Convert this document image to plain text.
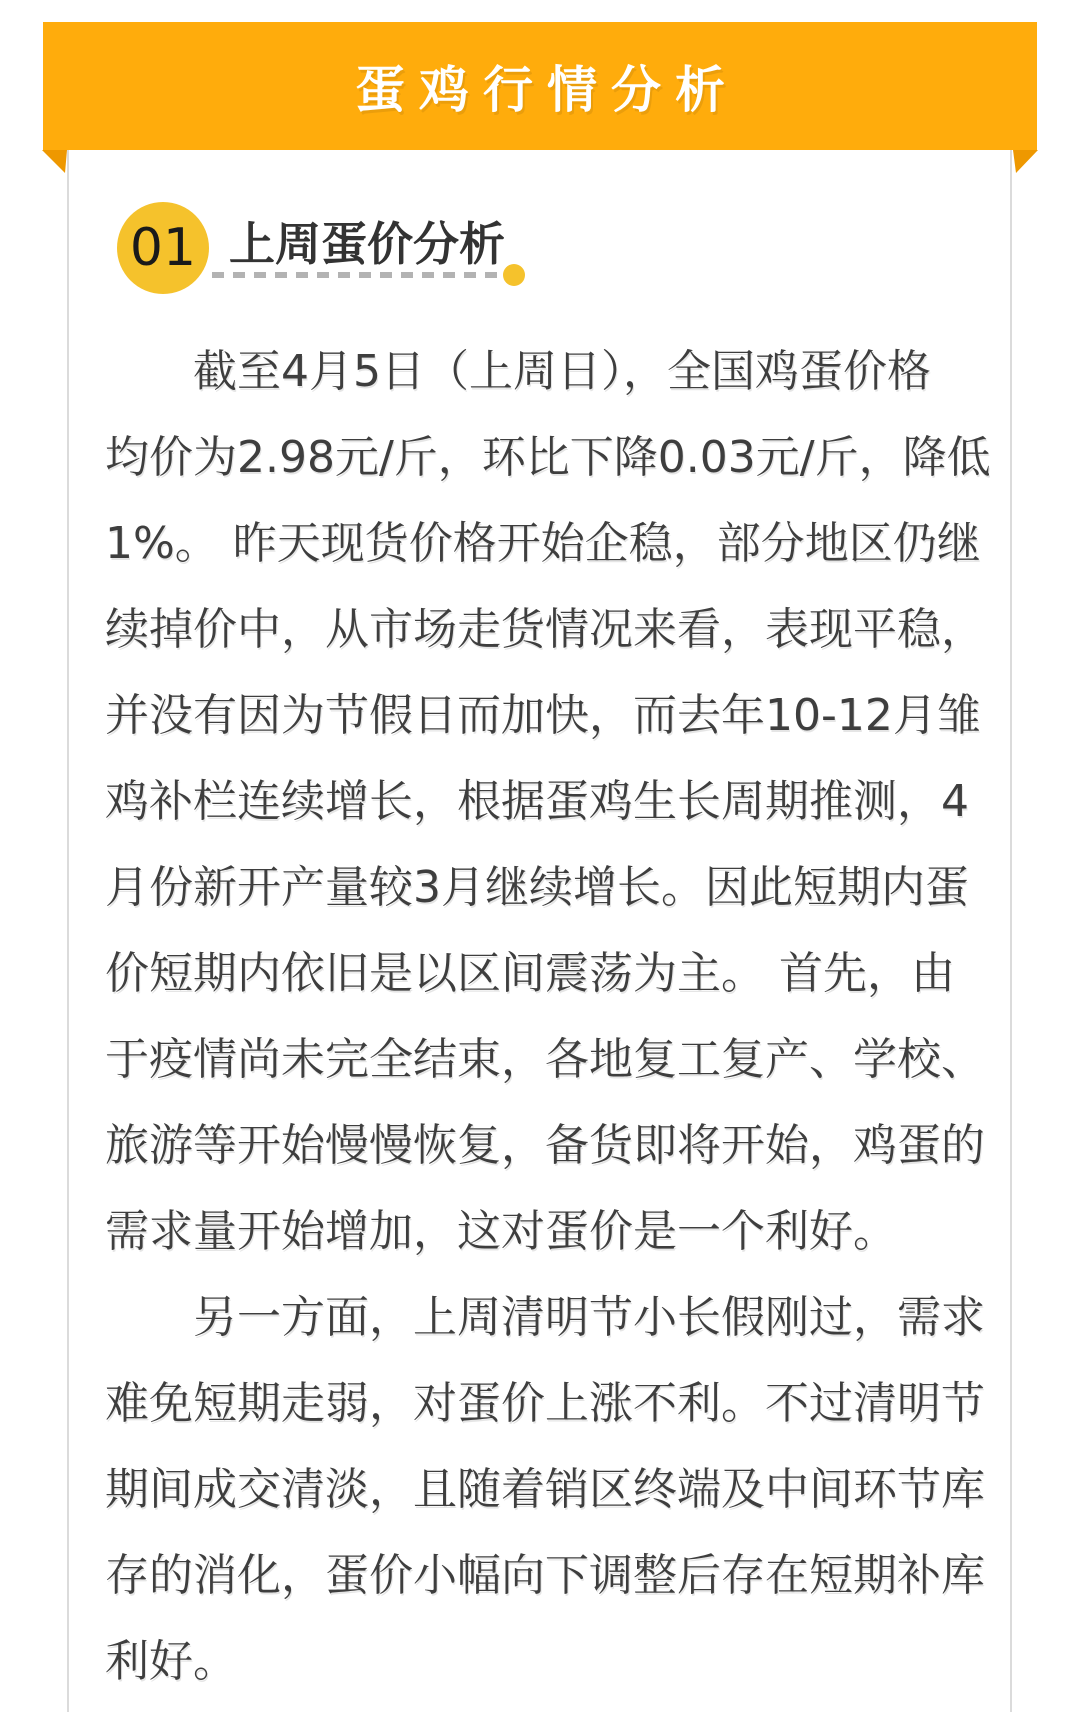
蛋鸡行情分析
01 上周蛋价分析
截至4月5日（上周日），全国鸡蛋价格
均价为2.98元/斤，环比下降0.03元/斤，降低
1%。 昨天现货价格开始企稳，部分地区仍继
续掉价中，从市场走货情况来看，表现平稳，
并没有因为节假日而加快，而去年10-12月雏
鸡补栏连续增长，根据蛋鸡生长周期推测，4
月份新开产量较3月继续增长。因此短期内蛋
价短期内依旧是以区间震荡为主。 首先，由
于疫情尚未完全结束，各地复工复产、学校、
旅游等开始慢慢恢复，备货即将开始，鸡蛋的
需求量开始增加，这对蛋价是一个利好。
另一方面，上周清明节小长假刚过，需求
难免短期走弱，对蛋价上涨不利。不过清明节
期间成交清淡，且随着销区终端及中间环节库
存的消化，蛋价小幅向下调整后存在短期补库
利好。
